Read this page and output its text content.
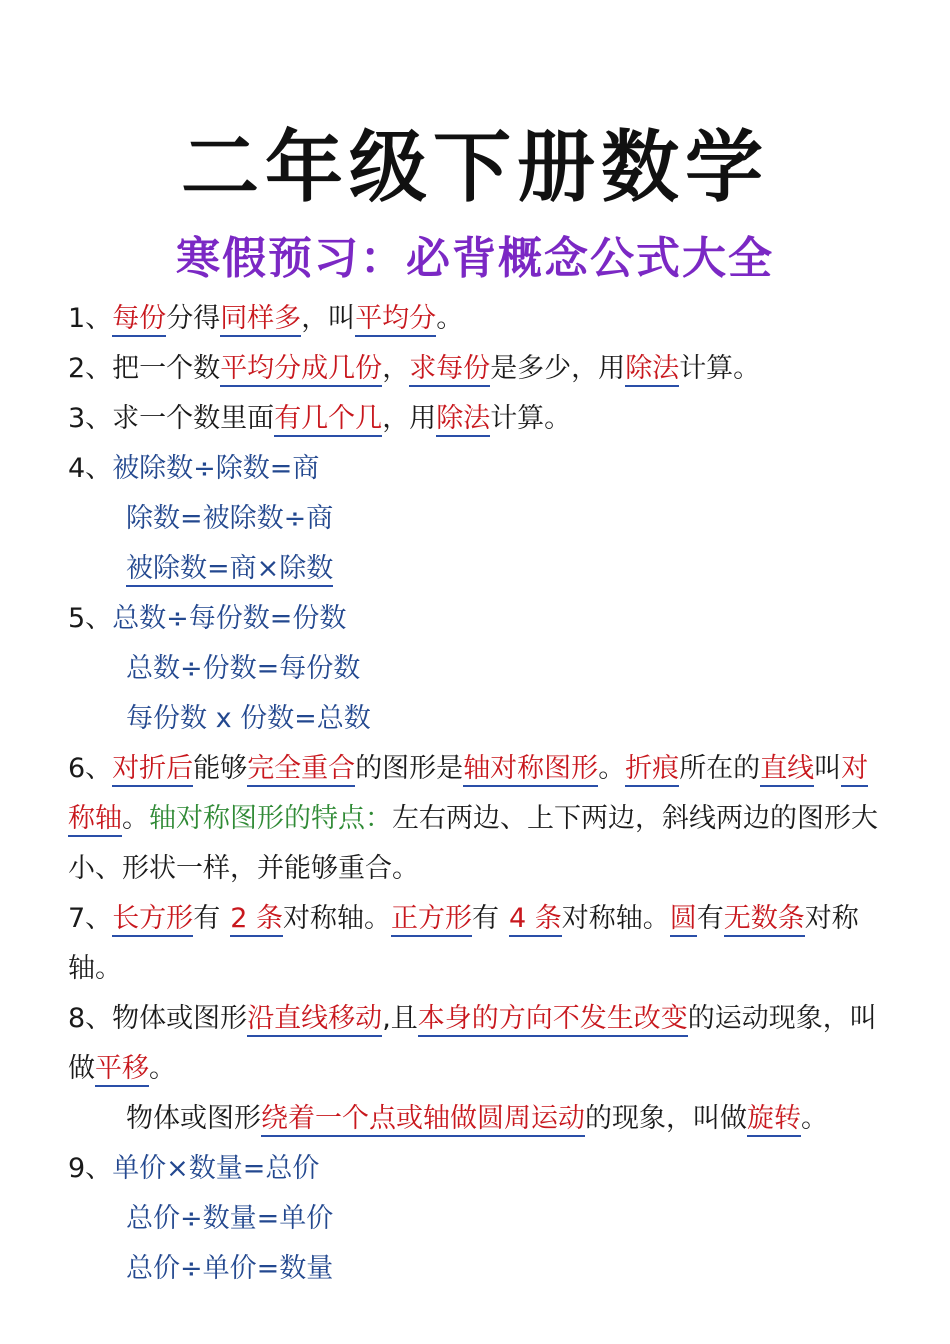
二年级下册数学
寒假预习：必背概念公式大全
1、每份分得同样多，叫平均分。
2、把一个数平均分成几份，求每份是多少，用除法计算。
3、求一个数里面有几个几，用除法计算。
4、被除数÷除数=商
除数=被除数÷商
被除数=商×除数
5、总数÷每份数=份数
总数÷份数=每份数
每份数 x 份数=总数
6、对折后能够完全重合的图形是轴对称图形。折痕所在的直线叫对称轴。轴对称图形的特点：左右两边、上下两边，斜线两边的图形大小、形状一样，并能够重合。
7、长方形有 2 条对称轴。正方形有 4 条对称轴。圆有无数条对称轴。
8、物体或图形沿直线移动,且本身的方向不发生改变的运动现象，叫做平移。
物体或图形绕着一个点或轴做圆周运动的现象，叫做旋转。
9、单价×数量=总价
总价÷数量=单价
总价÷单价=数量
